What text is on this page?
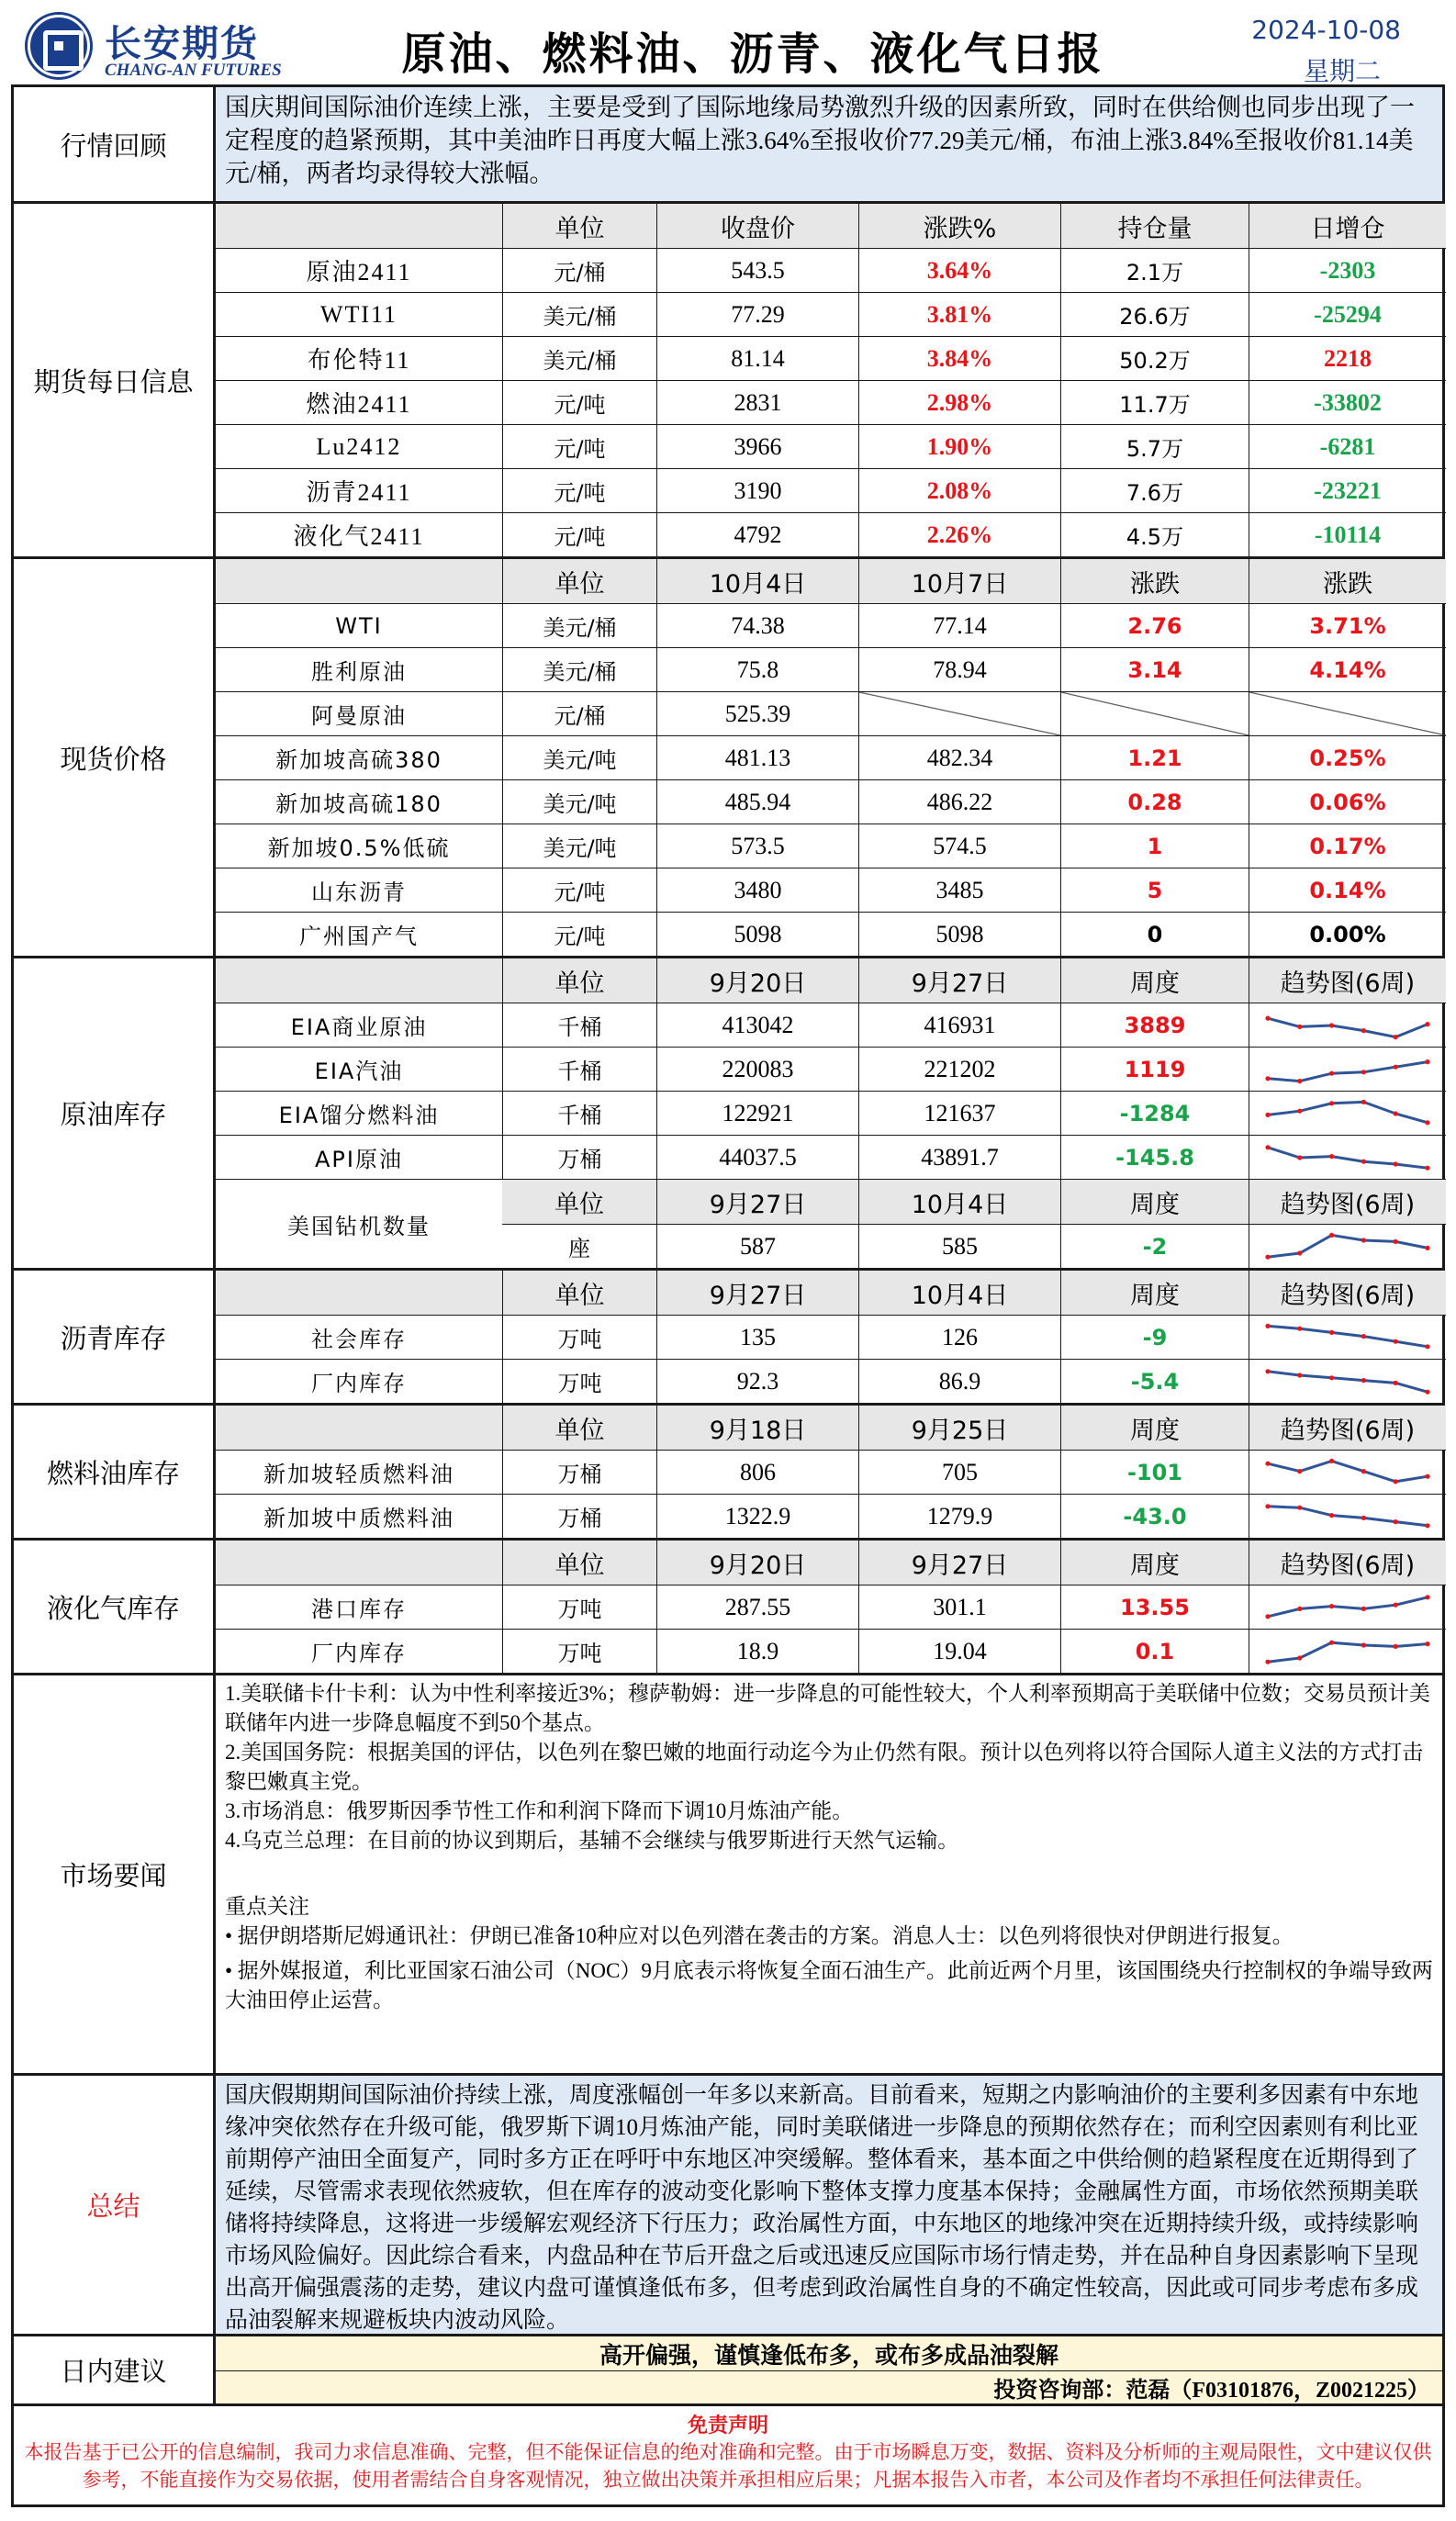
长安期货
CHANG-AN FUTURES	原油、燃料油、沥青、液化气日报	2024-10-08
星期二
行情回顾
国庆期间国际油价连续上涨，主要是受到了国际地缘局势激烈升级的因素所致，同时在供给侧也同步出现了一定程度的趋紧预期，其中美油昨日再度大幅上涨3.64%至报收价77.29美元/桶，布油上涨3.84%至报收价81.14美元/桶，两者均录得较大涨幅。
期货每日信息
单位	收盘价	涨跌%	持仓量	日增仓
原油2411	元/桶	543.5	3.64%	2.1万	-2303
WTI11	美元/桶	77.29	3.81%	26.6万	-25294
布伦特11	美元/桶	81.14	3.84%	50.2万	2218
燃油2411	元/吨	2831	2.98%	11.7万	-33802
Lu2412	元/吨	3966	1.90%	5.7万	-6281
沥青2411	元/吨	3190	2.08%	7.6万	-23221
液化气2411	元/吨	4792	2.26%	4.5万	-10114
现货价格
单位	10月4日	10月7日	涨跌	涨跌
WTI	美元/桶	74.38	77.14	2.76	3.71%
胜利原油	美元/桶	75.8	78.94	3.14	4.14%
阿曼原油	元/桶	525.39
新加坡高硫380	美元/吨	481.13	482.34	1.21	0.25%
新加坡高硫180	美元/吨	485.94	486.22	0.28	0.06%
新加坡0.5%低硫	美元/吨	573.5	574.5	1	0.17%
山东沥青	元/吨	3480	3485	5	0.14%
广州国产气	元/吨	5098	5098	0	0.00%
原油库存
单位	9月20日	9月27日	周度	趋势图(6周)
EIA商业原油	千桶	413042	416931	3889
EIA汽油	千桶	220083	221202	1119
EIA馏分燃料油	千桶	122921	121637	-1284
API原油	万桶	44037.5	43891.7	-145.8
美国钻机数量
单位	9月27日	10月4日	周度	趋势图(6周)
座	587	585	-2
沥青库存
单位	9月27日	10月4日	周度	趋势图(6周)
社会库存	万吨	135	126	-9
厂内库存	万吨	92.3	86.9	-5.4
燃料油库存
单位	9月18日	9月25日	周度	趋势图(6周)
新加坡轻质燃料油	万桶	806	705	-101
新加坡中质燃料油	万桶	1322.9	1279.9	-43.0
液化气库存
单位	9月20日	9月27日	周度	趋势图(6周)
港口库存	万吨	287.55	301.1	13.55
厂内库存	万吨	18.9	19.04	0.1
市场要闻
1.美联储卡什卡利：认为中性利率接近3%；穆萨勒姆：进一步降息的可能性较大，个人利率预期高于美联储中位数；交易员预计美联储年内进一步降息幅度不到50个基点。
2.美国国务院：根据美国的评估，以色列在黎巴嫩的地面行动迄今为止仍然有限。预计以色列将以符合国际人道主义法的方式打击黎巴嫩真主党。
3.市场消息：俄罗斯因季节性工作和利润下降而下调10月炼油产能。
4.乌克兰总理：在目前的协议到期后，基辅不会继续与俄罗斯进行天然气运输。
重点关注
• 据伊朗塔斯尼姆通讯社：伊朗已准备10种应对以色列潜在袭击的方案。消息人士：以色列将很快对伊朗进行报复。
• 据外媒报道，利比亚国家石油公司（NOC）9月底表示将恢复全面石油生产。此前近两个月里，该国围绕央行控制权的争端导致两大油田停止运营。
总结
国庆假期期间国际油价持续上涨，周度涨幅创一年多以来新高。目前看来，短期之内影响油价的主要利多因素有中东地缘冲突依然存在升级可能，俄罗斯下调10月炼油产能，同时美联储进一步降息的预期依然存在；而利空因素则有利比亚前期停产油田全面复产，同时多方正在呼吁中东地区冲突缓解。整体看来，基本面之中供给侧的趋紧程度在近期得到了延续，尽管需求表现依然疲软，但在库存的波动变化影响下整体支撑力度基本保持；金融属性方面，市场依然预期美联储将持续降息，这将进一步缓解宏观经济下行压力；政治属性方面，中东地区的地缘冲突在近期持续升级，或持续影响市场风险偏好。因此综合看来，内盘品种在节后开盘之后或迅速反应国际市场行情走势，并在品种自身因素影响下呈现出高开偏强震荡的走势，建议内盘可谨慎逢低布多，但考虑到政治属性自身的不确定性较高，因此或可同步考虑布多成品油裂解来规避板块内波动风险。
日内建议	高开偏强，谨慎逢低布多，或布多成品油裂解
投资咨询部：范磊（F03101876，Z0021225）
免责声明
本报告基于已公开的信息编制，我司力求信息准确、完整，但不能保证信息的绝对准确和完整。由于市场瞬息万变，数据、资料及分析师的主观局限性，文中建议仅供参考，不能直接作为交易依据，使用者需结合自身客观情况，独立做出决策并承担相应后果；凡据本报告入市者，本公司及作者均不承担任何法律责任。
